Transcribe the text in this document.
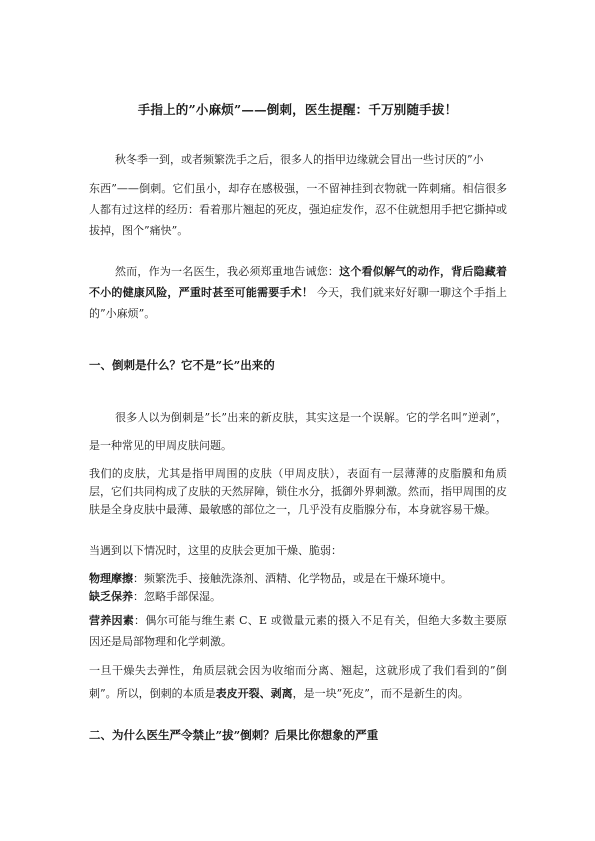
手指上的”小麻烦”——倒刺，医生提醒：千万别随手拔！

秋冬季一到，或者频繁洗手之后，很多人的指甲边缘就会冒出一些讨厌的”小

东西”——倒刺。它们虽小，却存在感极强，一不留神挂到衣物就一阵刺痛。相信很多人都有过这样的经历：看着那片翘起的死皮，强迫症发作，忍不住就想用手把它撕掉或拔掉，图个”痛快”。

然而，作为一名医生，我必须郑重地告诫您：这个看似解气的动作，背后隐藏着不小的健康风险，严重时甚至可能需要手术！ 今天，我们就来好好聊一聊这个手指上的”小麻烦”。

一、倒刺是什么？它不是”长”出来的

很多人以为倒刺是”长”出来的新皮肤，其实这是一个误解。它的学名叫”逆剥”，是一种常见的甲周皮肤问题。

我们的皮肤，尤其是指甲周围的皮肤（甲周皮肤），表面有一层薄薄的皮脂膜和角质层，它们共同构成了皮肤的天然屏障，锁住水分，抵御外界刺激。然而，指甲周围的皮肤是全身皮肤中最薄、最敏感的部位之一，几乎没有皮脂腺分布，本身就容易干燥。

当遇到以下情况时，这里的皮肤会更加干燥、脆弱：

物理摩擦：频繁洗手、接触洗涤剂、酒精、化学物品，或是在干燥环境中。

缺乏保养：忽略手部保湿。

营养因素：偶尔可能与维生素 C、E 或微量元素的摄入不足有关，但绝大多数主要原因还是局部物理和化学刺激。

一旦干燥失去弹性，角质层就会因为收缩而分离、翘起，这就形成了我们看到的”倒刺”。所以，倒刺的本质是表皮开裂、剥离，是一块”死皮”，而不是新生的肉。

二、为什么医生严令禁止”拔”倒刺？后果比你想象的严重
